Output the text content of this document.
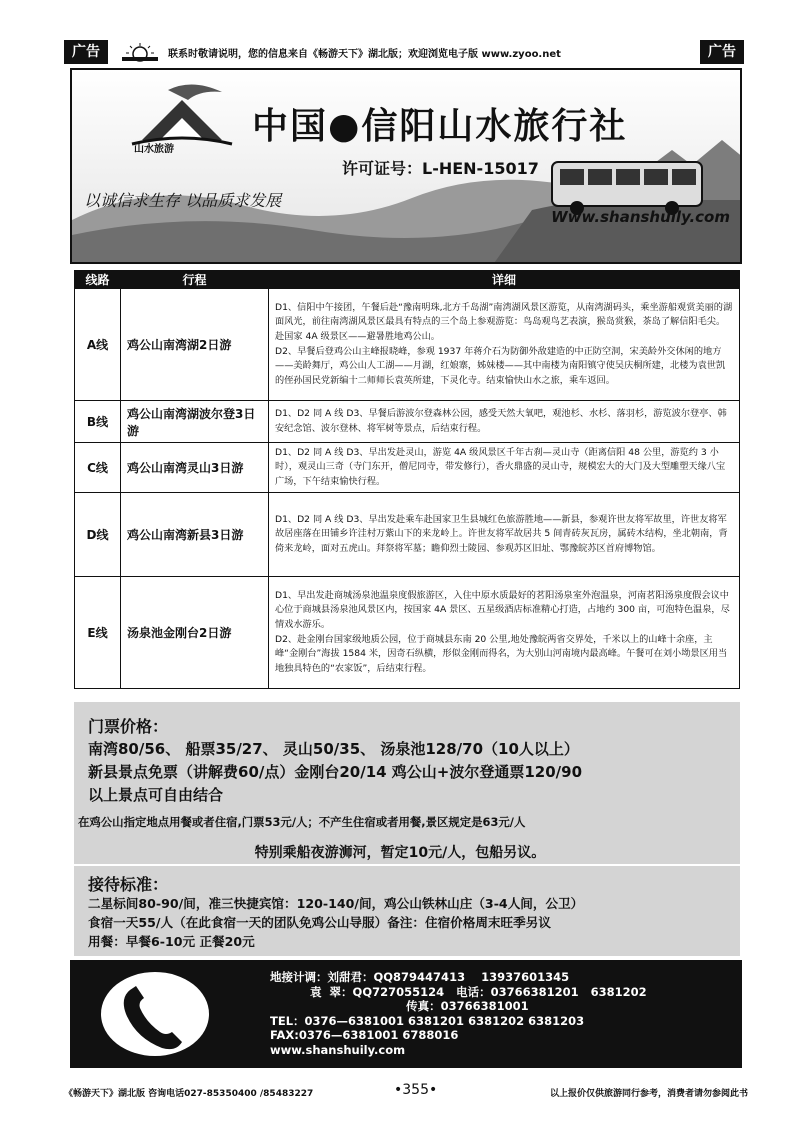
广告	联系时敬请说明，您的信息来自《畅游天下》湖北版；欢迎浏览电子版 www.zyoo.net	广告
山水旅游
中国●信阳山水旅行社
许可证号：L-HEN-15017
以诚信求生存 以品质求发展
Www.shanshuily.com
线路	行程	详细
A线	鸡公山南湾湖2日游	D1、信阳中午接团，午餐后赴“豫南明珠,北方千岛湖”南湾湖风景区游览，从南湾湖码头，乘坐游船观赏美丽的湖面风光，前往南湾湖风景区最具有特点的三个岛上参观游览：鸟岛观鸟艺表演，猴岛赏猴，茶岛了解信阳毛尖。赴国家 4A 级景区——避暑胜地鸡公山。

D2、早餐后登鸡公山主峰报晓峰，参观 1937 年蒋介石为防御外敌建造的中正防空洞，宋美龄外交休闲的地方——美龄舞厅，鸡公山人工湖——月湖，红娘寨，姊妹楼——其中南楼为南阳镇守使吴庆桐所建，北楼为袁世凯的侄孙国民党新编十二师师长袁英所建，下灵化寺。结束愉快山水之旅，乘车返回。

B线	鸡公山南湾湖波尔登3日游	D1、D2 同 A 线 D3、早餐后游波尔登森林公园，感受天然大氧吧，观池杉、水杉、落羽杉，游览波尔登亭、韩安纪念馆、波尔登林、将军树等景点，后结束行程。

C线	鸡公山南湾灵山3日游	D1、D2 同 A 线 D3、早出发赴灵山，游览 4A 级风景区千年古刹—灵山寺（距离信阳 48 公里，游览约 3 小时），观灵山三奇（寺门东开，僧尼同寺，带发修行），香火鼎盛的灵山寺，规模宏大的大门及大型雕塑天缘八宝广场，下午结束愉快行程。

D线	鸡公山南湾新县3日游	D1、D2 同 A 线 D3、早出发赴乘车赴国家卫生县城红色旅游胜地——新县，参观许世友将军故里，许世友将军故居座落在田铺乡许洼村万紫山下的来龙岭上。许世友将军故居共 5 间青砖灰瓦房，属砖木结构，坐北朝南，背倚来龙岭，面对五虎山。拜祭将军墓；瞻仰烈士陵园、参观苏区旧址、鄂豫皖苏区首府博物馆。

E线	汤泉池金刚台2日游	D1、早出发赴商城汤泉池温泉度假旅游区，入住中原水质最好的茗阳汤泉室外泡温泉，河南茗阳汤泉度假会议中心位于商城县汤泉池风景区内，按国家 4A 景区、五星级酒店标准精心打造，占地约 300 亩，可泡特色温泉，尽情戏水游乐。

D2、赴金刚台国家级地质公园，位于商城县东南 20 公里,地处豫皖两省交界处，千米以上的山峰十余座，主峰“金刚台”海拔 1584 米，因奇石纵横，形似金刚而得名，为大别山河南境内最高峰。午餐可在刘小坳景区用当地独具特色的“农家饭”，后结束行程。

门票价格：
南湾80/56、 船票35/27、 灵山50/35、 汤泉池128/70（10人以上）
新县景点免票（讲解费60/点）金刚台20/14 鸡公山+波尔登通票120/90
以上景点可自由结合
在鸡公山指定地点用餐或者住宿,门票53元/人；不产生住宿或者用餐,景区规定是63元/人
特别乘船夜游浉河，暂定10元/人，包船另议。
接待标准：
二星标间80-90/间，准三快捷宾馆：120-140/间，鸡公山铁林山庄（3-4人间，公卫）
食宿一天55/人（在此食宿一天的团队免鸡公山导服）备注：住宿价格周末旺季另议
用餐：早餐6-10元 正餐20元
地接计调：刘甜君：QQ879447413    13937601345
袁  翠：QQ727055124   电话：03766381201   6381202
传真：03766381001
TEL：0376—6381001 6381201 6381202 6381203
FAX:0376—6381001 6788016
www.shanshuily.com
《畅游天下》湖北版 咨询电话027-85350400 /85483227	•355•	以上报价仅供旅游同行参考，消费者请勿参阅此书
